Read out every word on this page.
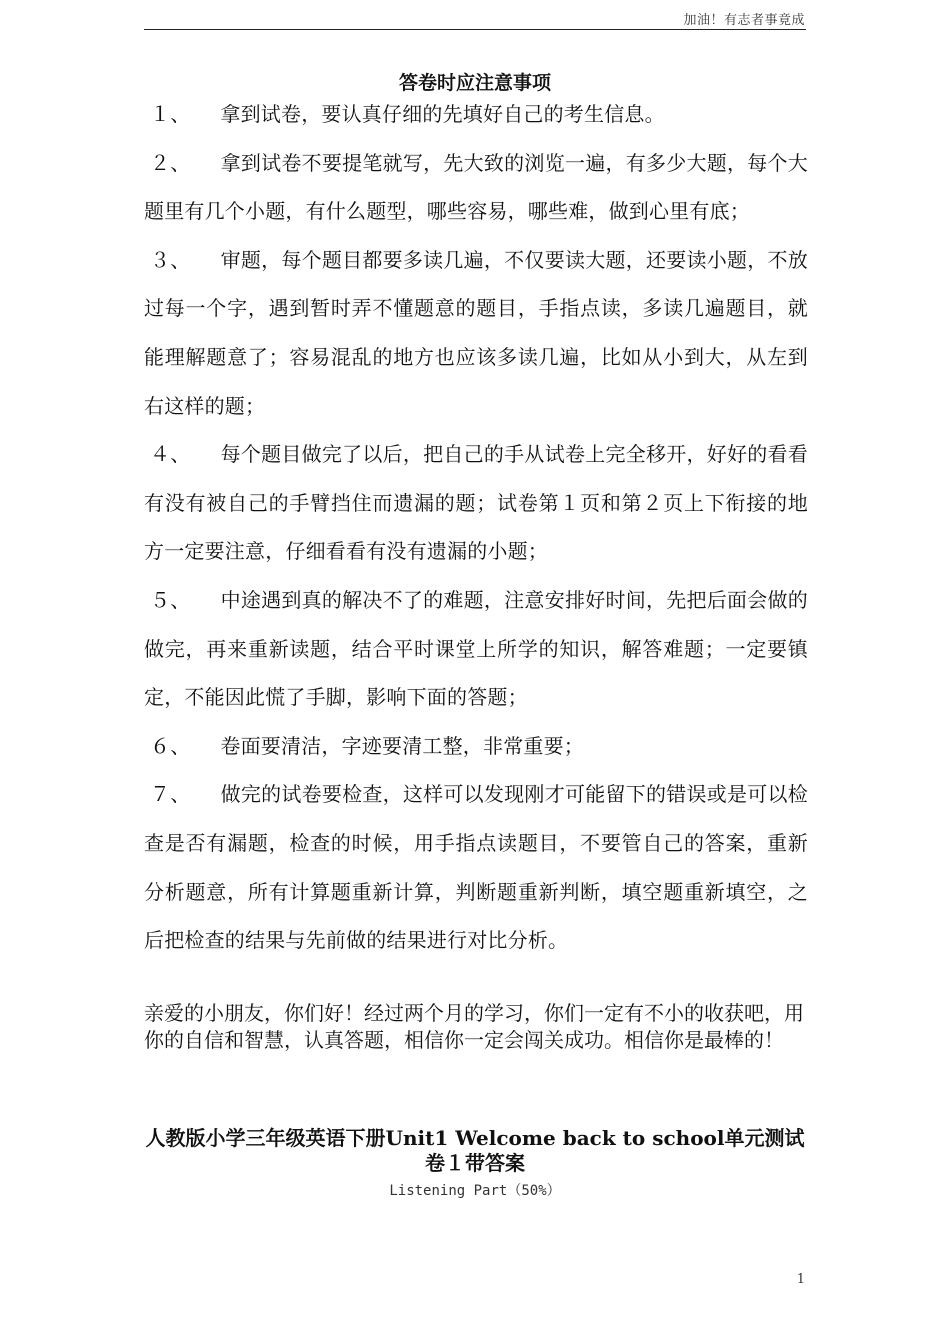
加油！有志者事竟成
答卷时应注意事项

１、 拿到试卷，要认真仔细的先填好自己的考生信息。

２、 拿到试卷不要提笔就写，先大致的浏览一遍，有多少大题，每个大题里有几个小题，有什么题型，哪些容易，哪些难，做到心里有底；

３、 审题，每个题目都要多读几遍，不仅要读大题，还要读小题，不放过每一个字，遇到暂时弄不懂题意的题目，手指点读，多读几遍题目，就能理解题意了；容易混乱的地方也应该多读几遍，比如从小到大，从左到右这样的题；

４、 每个题目做完了以后，把自己的手从试卷上完全移开，好好的看看有没有被自己的手臂挡住而遗漏的题；试卷第１页和第２页上下衔接的地方一定要注意，仔细看看有没有遗漏的小题；

５、 中途遇到真的解决不了的难题，注意安排好时间，先把后面会做的做完，再来重新读题，结合平时课堂上所学的知识，解答难题；一定要镇定，不能因此慌了手脚，影响下面的答题；

６、 卷面要清洁，字迹要清工整，非常重要；

７、 做完的试卷要检查，这样可以发现刚才可能留下的错误或是可以检查是否有漏题，检查的时候，用手指点读题目，不要管自己的答案，重新分析题意，所有计算题重新计算，判断题重新判断，填空题重新填空，之后把检查的结果与先前做的结果进行对比分析。

亲爱的小朋友，你们好！经过两个月的学习，你们一定有不小的收获吧，用你的自信和智慧，认真答题，相信你一定会闯关成功。相信你是最棒的！

人教版小学三年级英语下册Unit1 Welcome back to school单元测试卷１带答案
Listening Part（50%）
1
